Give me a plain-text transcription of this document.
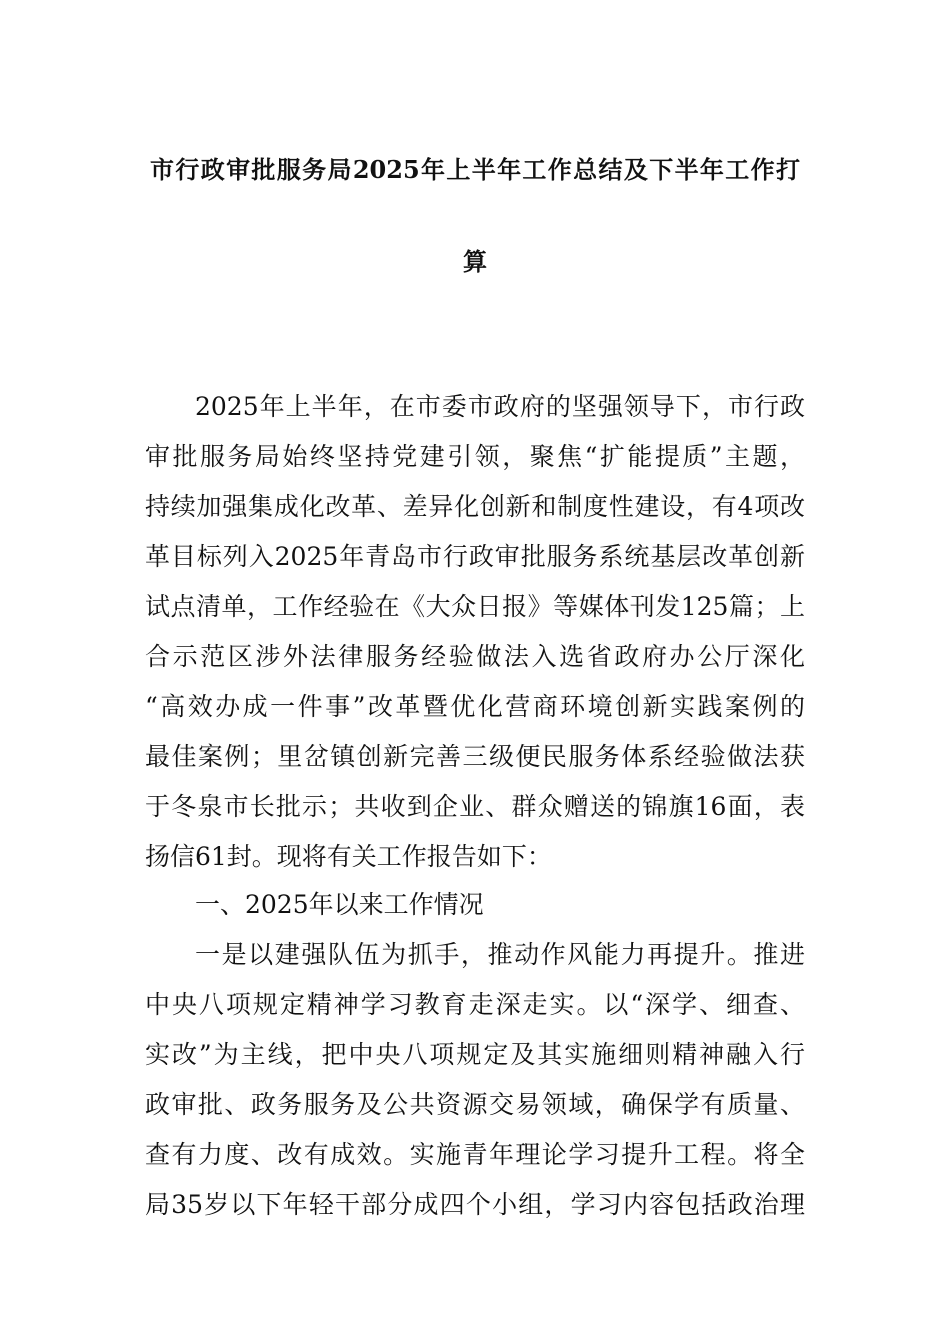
市行政审批服务局2025年上半年工作总结及下半年工作打
算
2025年上半年，在市委市政府的坚强领导下，市行政
审批服务局始终坚持党建引领，聚焦“扩能提质”主题，
持续加强集成化改革、差异化创新和制度性建设，有4项改
革目标列入2025年青岛市行政审批服务系统基层改革创新
试点清单，工作经验在《大众日报》等媒体刊发125篇；上
合示范区涉外法律服务经验做法入选省政府办公厅深化
“高效办成一件事”改革暨优化营商环境创新实践案例的
最佳案例；里岔镇创新完善三级便民服务体系经验做法获
于冬泉市长批示；共收到企业、群众赠送的锦旗16面，表
扬信61封。现将有关工作报告如下：
一、2025年以来工作情况
一是以建强队伍为抓手，推动作风能力再提升。推进
中央八项规定精神学习教育走深走实。以“深学、细查、
实改”为主线，把中央八项规定及其实施细则精神融入行
政审批、政务服务及公共资源交易领域，确保学有质量、
查有力度、改有成效。实施青年理论学习提升工程。将全
局35岁以下年轻干部分成四个小组，学习内容包括政治理
